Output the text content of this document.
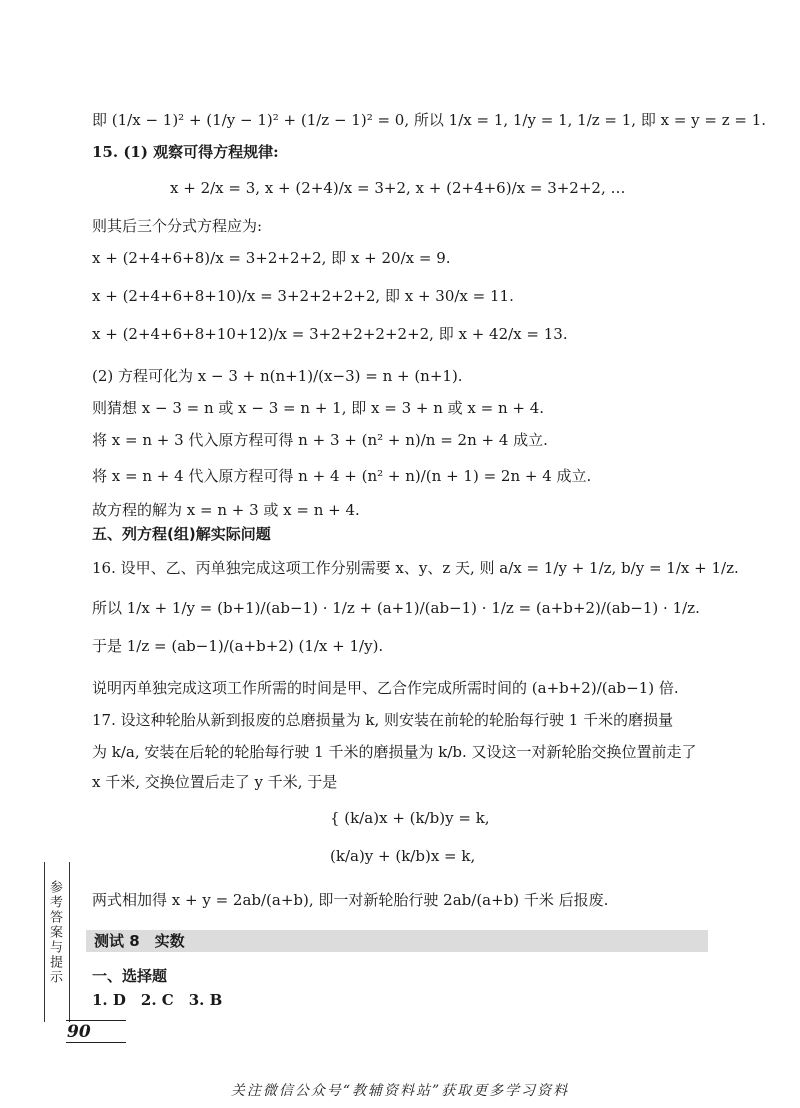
即 (1/x − 1)² + (1/y − 1)² + (1/z − 1)² = 0, 所以 1/x = 1, 1/y = 1, 1/z = 1, 即 x = y = z = 1.
15. (1) 观察可得方程规律:
x + 2/x = 3, x + (2+4)/x = 3+2, x + (2+4+6)/x = 3+2+2, …
则其后三个分式方程应为:
x + (2+4+6+8)/x = 3+2+2+2, 即 x + 20/x = 9.
x + (2+4+6+8+10)/x = 3+2+2+2+2, 即 x + 30/x = 11.
x + (2+4+6+8+10+12)/x = 3+2+2+2+2+2, 即 x + 42/x = 13.
(2) 方程可化为 x − 3 + n(n+1)/(x−3) = n + (n+1).
则猜想 x − 3 = n 或 x − 3 = n + 1, 即 x = 3 + n 或 x = n + 4.
将 x = n + 3 代入原方程可得 n + 3 + (n² + n)/n = 2n + 4 成立.
将 x = n + 4 代入原方程可得 n + 4 + (n² + n)/(n + 1) = 2n + 4 成立.
故方程的解为 x = n + 3 或 x = n + 4.
五、列方程(组)解实际问题
16. 设甲、乙、丙单独完成这项工作分别需要 x、y、z 天, 则 a/x = 1/y + 1/z, b/y = 1/x + 1/z.
所以 1/x + 1/y = (b+1)/(ab−1) · 1/z + (a+1)/(ab−1) · 1/z = (a+b+2)/(ab−1) · 1/z.
于是 1/z = (ab−1)/(a+b+2) (1/x + 1/y).
说明丙单独完成这项工作所需的时间是甲、乙合作完成所需时间的 (a+b+2)/(ab−1) 倍.
17. 设这种轮胎从新到报废的总磨损量为 k, 则安装在前轮的轮胎每行驶 1 千米的磨损量
为 k/a, 安装在后轮的轮胎每行驶 1 千米的磨损量为 k/b. 又设这一对新轮胎交换位置前走了
x 千米, 交换位置后走了 y 千米, 于是
{ (k/a)x + (k/b)y = k,
(k/a)y + (k/b)x = k,
两式相加得 x + y = 2ab/(a+b), 即一对新轮胎行驶 2ab/(a+b) 千米 后报废.
测试 8　实数
一、选择题
1. D　2. C　3. B
参考答案与提示
90
关注微信公众号“教辅资料站”获取更多学习资料
